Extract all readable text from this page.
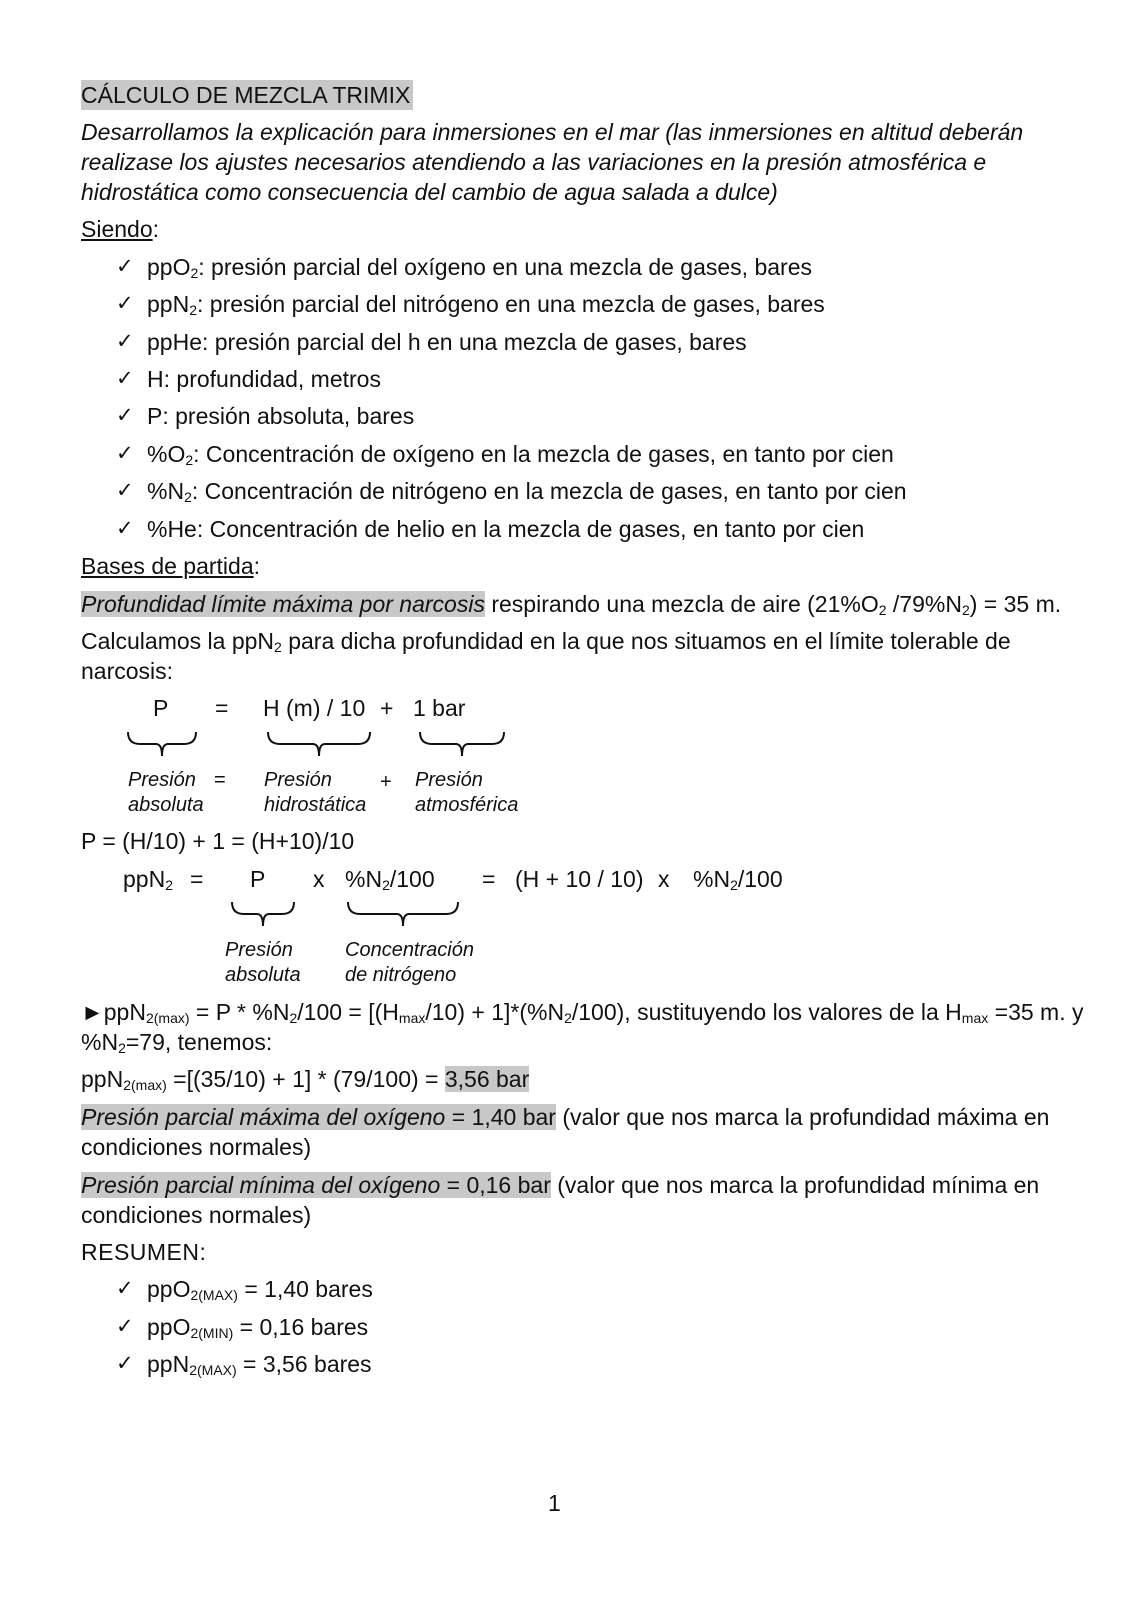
CÁLCULO DE MEZCLA TRIMIX
Desarrollamos la explicación para inmersiones en el mar (las inmersiones en altitud deberán
realizase los ajustes necesarios atendiendo a las variaciones en la presión atmosférica e
hidrostática como consecuencia del cambio de agua salada a dulce)
Siendo:
✓ ppO$_2$: presión parcial del oxígeno en una mezcla de gases, bares
✓ ppN$_2$: presión parcial del nitrógeno en una mezcla de gases, bares
✓ ppHe: presión parcial del h en una mezcla de gases, bares
✓ H: profundidad, metros
✓ P: presión absoluta, bares
✓ $\%O_2$: Concentración de oxígeno en la mezcla de gases, en tanto por cien
✓ $\%N_2$: Concentración de nitrógeno en la mezcla de gases, en tanto por cien
✓ %He: Concentración de helio en la mezcla de gases, en tanto por cien
Bases de partida:
Profundidad límite máxima por narcosis respirando una mezcla de aire ($21\%O_2$ $/79\%N_2) = 35$ m.
Calculamos la ppN$_2$ para dicha profundidad en la que nos situamos en el límite tolerable de
narcosis:
P = H (m) / 10 + 1 bar
Presión
absoluta
= Presión
hidrostática
+ Presión
atmosférica
P = (H/10) + 1 = (H+10)/10
ppN$_2$ = P x $\%N_2/100 = (H + 10 / 10)$ x $\%N_2/100$
Presión
absoluta
Concentración
de nitrógeno
►ppN$_{2(max)}$ = $P * \%N_2/100 = [(H_{max}/10) + 1]*(\%N_2/100)$, sustituyendo los valores de la $H_{max} =35$ m. y
$\%N_2=79$, tenemos:
ppN$_{2(max)}$ =[(35/10) + 1] * (79/100) = 3,56 bar
Presión parcial máxima del oxígeno = 1,40 bar (valor que nos marca la profundidad máxima en
condiciones normales)
Presión parcial mínima del oxígeno = 0,16 bar (valor que nos marca la profundidad mínima en
condiciones normales)
RESUMEN:
✓ ppO$_{2(MAX)}$ = 1,40 bares
✓ ppO$_{2(MIN)}$ = 0,16 bares
✓ ppN$_{2(MAX)}$ = 3,56 bares
1
